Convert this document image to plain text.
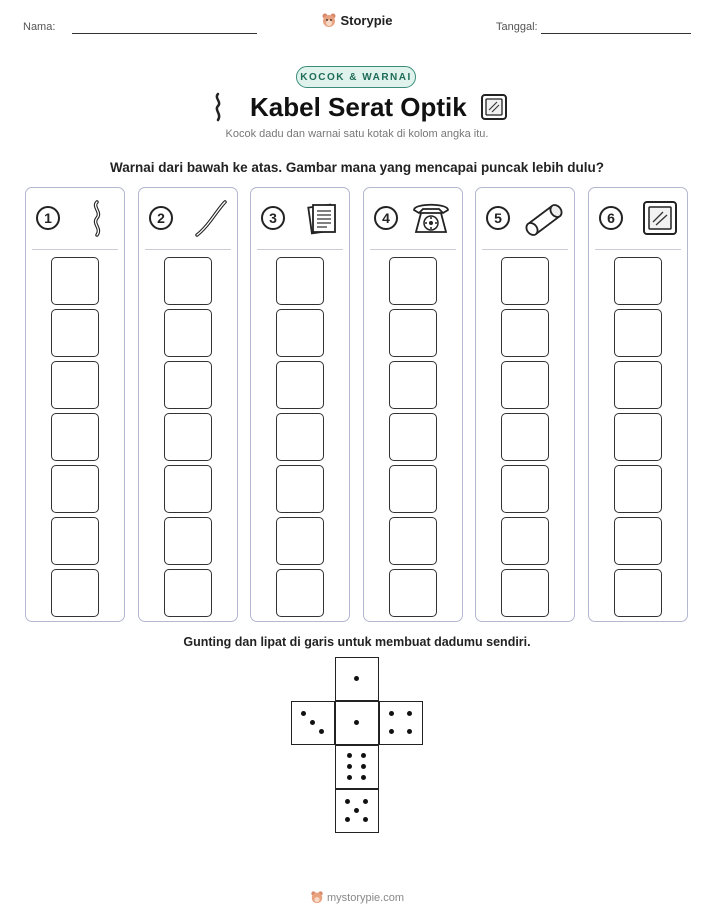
Nama:	Storypie	Tanggal:
KOCOK & WARNAI
Kabel Serat Optik
Kocok dadu dan warnai satu kotak di kolom angka itu.
Warnai dari bawah ke atas. Gambar mana yang mencapai puncak lebih dulu?
1	2	3	4	5	6
Gunting dan lipat di garis untuk membuat dadumu sendiri.
mystorypie.com
